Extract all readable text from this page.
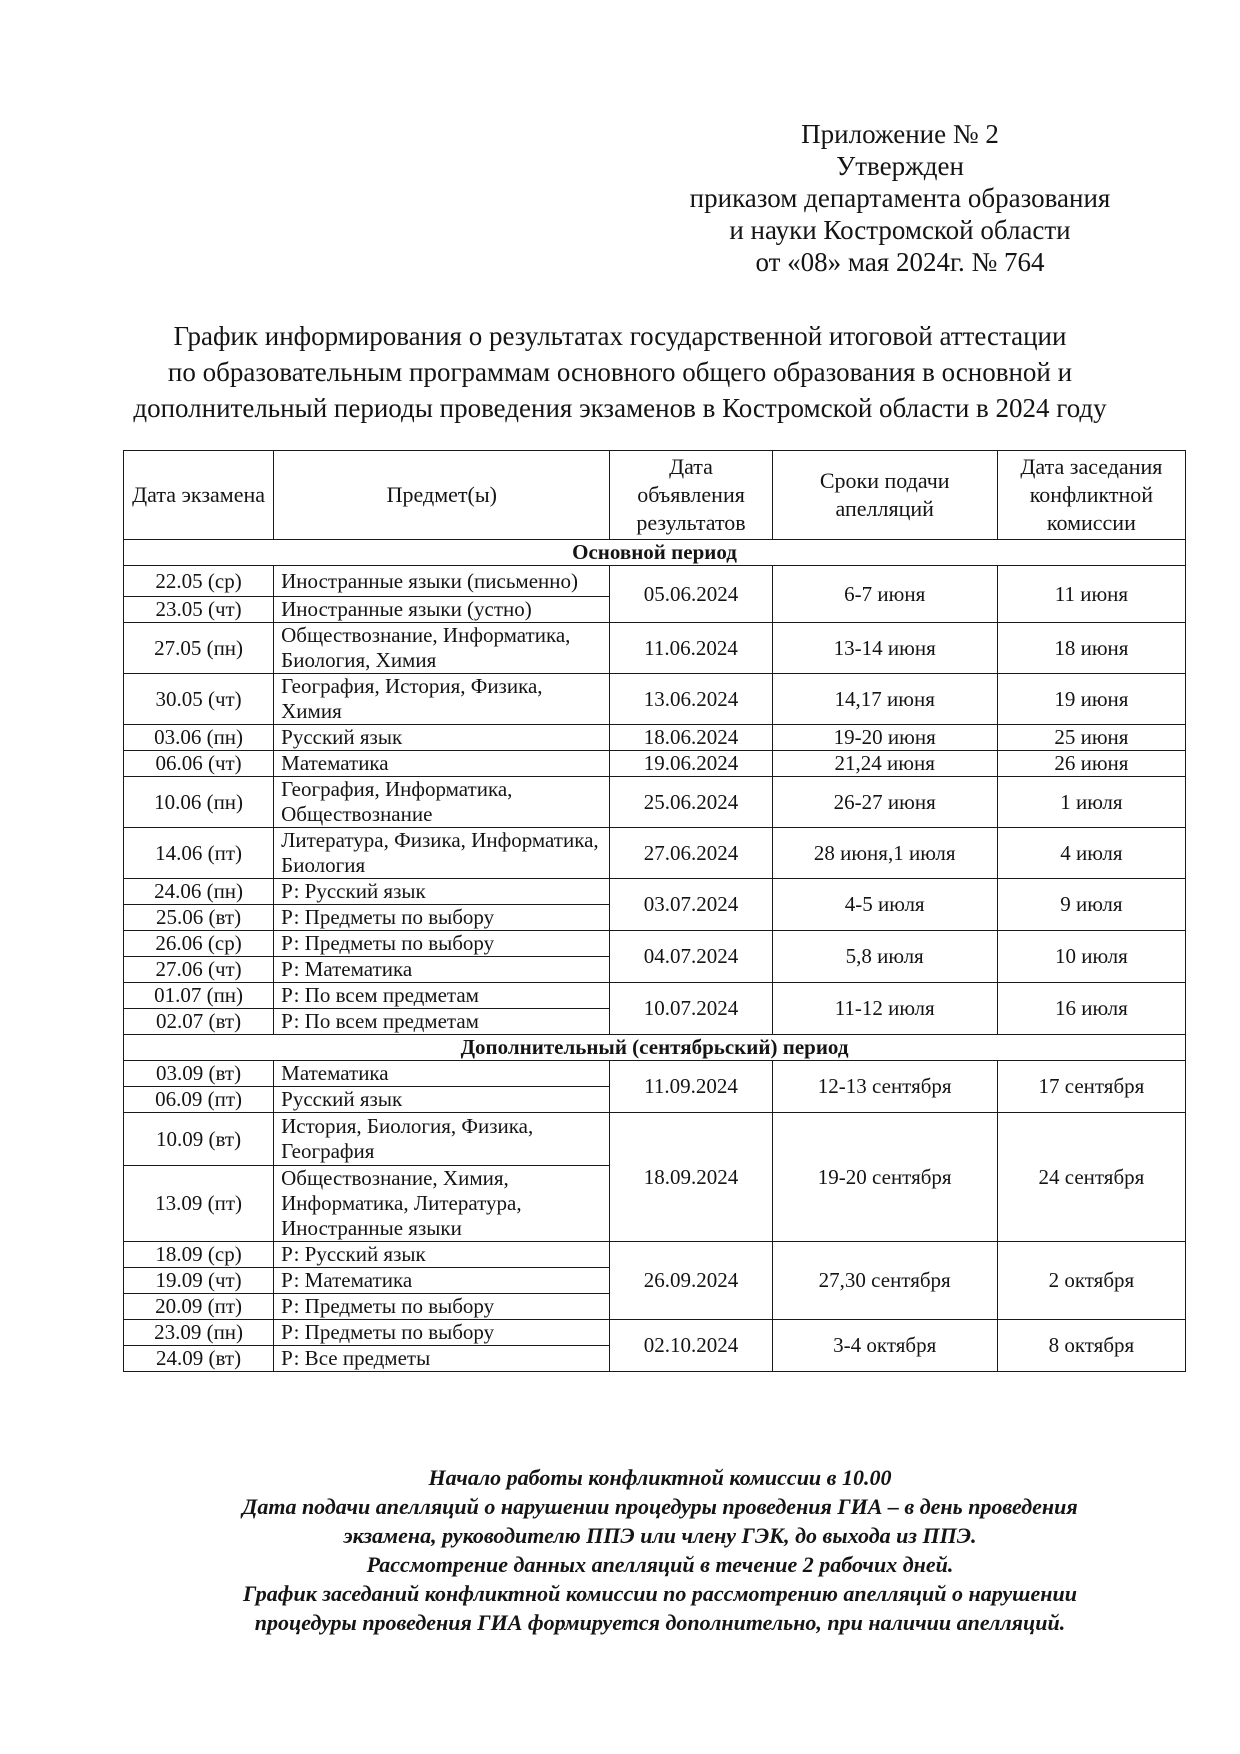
Приложение № 2
Утвержден
приказом департамента образования
и науки Костромской области
от «08» мая 2024г. № 764
График информирования о результатах государственной итоговой аттестации
по образовательным программам основного общего образования в основной и
дополнительный периоды проведения экзаменов в Костромской области в 2024 году
Дата экзамена	Предмет(ы)	Дата объявления результатов	Сроки подачи апелляций	Дата заседания конфликтной комиссии
Основной период				
22.05 (ср)	Иностранные языки (письменно)	05.06.2024	6-7 июня	11 июня
23.05 (чт)	Иностранные языки (устно)			
27.05 (пн)	Обществознание, Информатика, Биология, Химия	11.06.2024	13-14 июня	18 июня
30.05 (чт)	География, История, Физика, Химия	13.06.2024	14,17 июня	19 июня
03.06 (пн)	Русский язык	18.06.2024	19-20 июня	25 июня
06.06 (чт)	Математика	19.06.2024	21,24 июня	26 июня
10.06 (пн)	География, Информатика, Обществознание	25.06.2024	26-27 июня	1 июля
14.06 (пт)	Литература, Физика, Информатика, Биология	27.06.2024	28 июня,1 июля	4 июля
24.06 (пн)	Р: Русский язык	03.07.2024	4-5 июля	9 июля
25.06 (вт)	Р: Предметы по выбору			
26.06 (ср)	Р: Предметы по выбору	04.07.2024	5,8 июля	10 июля
27.06 (чт)	Р: Математика			
01.07 (пн)	Р: По всем предметам	10.07.2024	11-12 июля	16 июля
02.07 (вт)	Р: По всем предметам			
Дополнительный (сентябрьский) период				
03.09 (вт)	Математика	11.09.2024	12-13 сентября	17 сентября
06.09 (пт)	Русский язык			
10.09 (вт)	История, Биология, Физика, География	18.09.2024	19-20 сентября	24 сентября
13.09 (пт)	Обществознание, Химия, Информатика, Литература, Иностранные языки			
18.09 (ср)	Р: Русский язык	26.09.2024	27,30 сентября	2 октября
19.09 (чт)	Р: Математика			
20.09 (пт)	Р: Предметы по выбору			
23.09 (пн)	Р: Предметы по выбору	02.10.2024	3-4 октября	8 октября
24.09 (вт)	Р: Все предметы			
Начало работы конфликтной комиссии в 10.00
Дата подачи апелляций о нарушении процедуры проведения ГИА – в день проведения
экзамена, руководителю ППЭ или члену ГЭК, до выхода из ППЭ.
Рассмотрение данных апелляций в течение 2 рабочих дней.
График заседаний конфликтной комиссии по рассмотрению апелляций о нарушении
процедуры проведения ГИА формируется дополнительно, при наличии апелляций.
